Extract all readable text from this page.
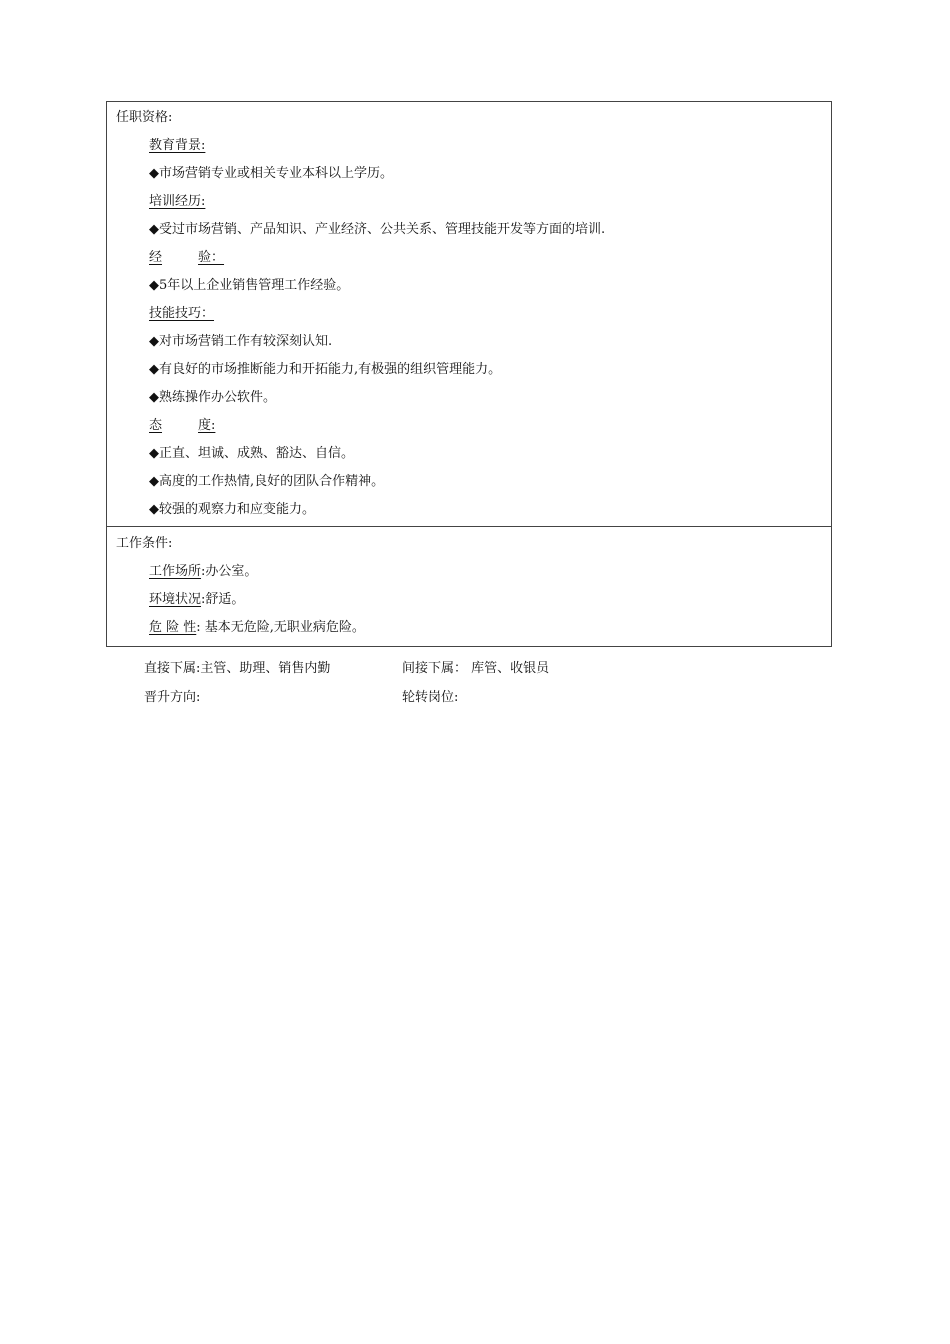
任职资格:
教育背景:
◆市场营销专业或相关专业本科以上学历。
培训经历:
◆受过市场营销、产品知识、产业经济、公共关系、管理技能开发等方面的培训.
经	验：
◆5年以上企业销售管理工作经验。
技能技巧：
◆对市场营销工作有较深刻认知.
◆有良好的市场推断能力和开拓能力,有极强的组织管理能力。
◆熟练操作办公软件。
态	度:
◆正直、坦诚、成熟、豁达、自信。
◆高度的工作热情,良好的团队合作精神。
◆较强的观察力和应变能力。
工作条件:
工作场所:办公室。
环境状况:舒适。
危 险 性: 基本无危险,无职业病危险。
直接下属:主管、助理、销售内勤	间接下属： 库管、收银员
晋升方向:	轮转岗位:
